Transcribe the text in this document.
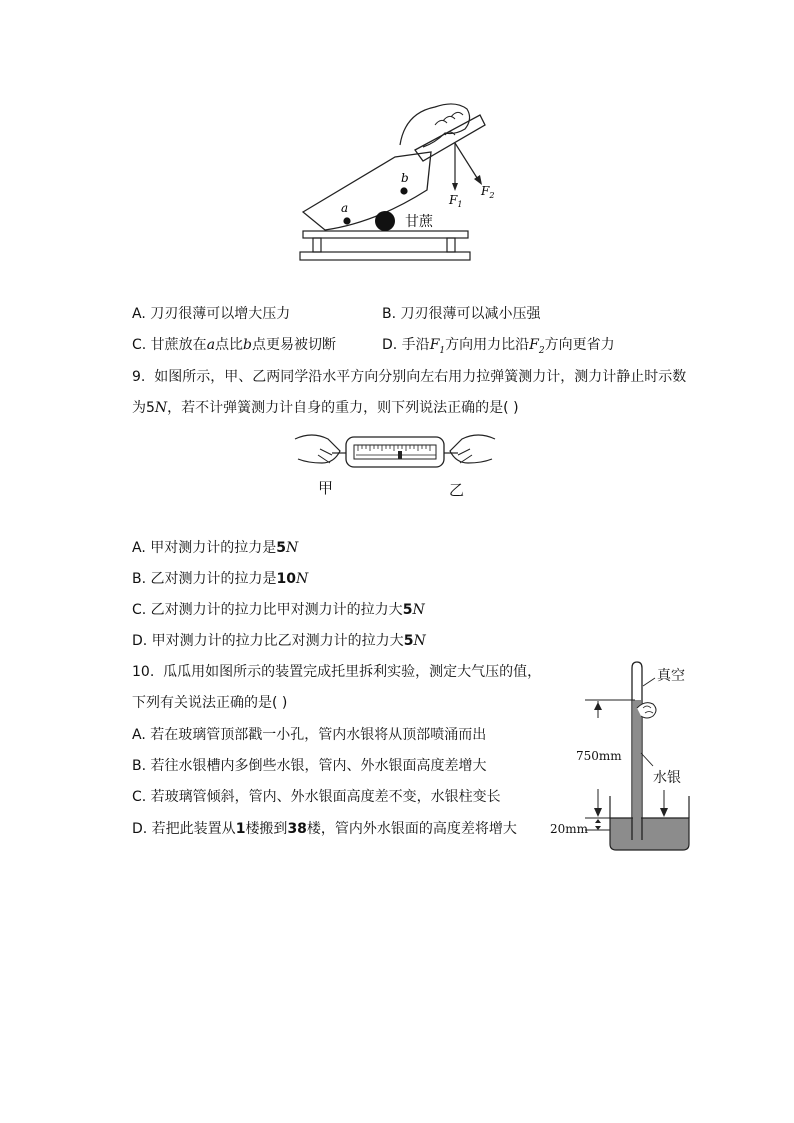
a
b
甘蔗
$F_1$
$F_2$
A. 刀刃很薄可以增大压力	B. 刀刃很薄可以减小压强
C. 甘蔗放在a点比b点更易被切断	D. 手沿$F_1$方向用力比沿$F_2$方向更省力
9. 如图所示，甲、乙两同学沿水平方向分别向左右用力拉弹簧测力计，测力计静止时示数
为5N，若不计弹簧测力计自身的重力，则下列说法正确的是( )
甲	乙
A. 甲对测力计的拉力是5N
B. 乙对测力计的拉力是10N
C. 乙对测力计的拉力比甲对测力计的拉力大5N
D. 甲对测力计的拉力比乙对测力计的拉力大5N
10. 瓜瓜用如图所示的装置完成托里拆利实验，测定大气压的值，
下列有关说法正确的是( )
A. 若在玻璃管顶部戳一小孔，管内水银将从顶部喷涌而出
B. 若往水银槽内多倒些水银，管内、外水银面高度差增大
C. 若玻璃管倾斜，管内、外水银面高度差不变，水银柱变长
D. 若把此装置从1楼搬到38楼，管内外水银面的高度差将增大
真空
水银
750mm
20mm
